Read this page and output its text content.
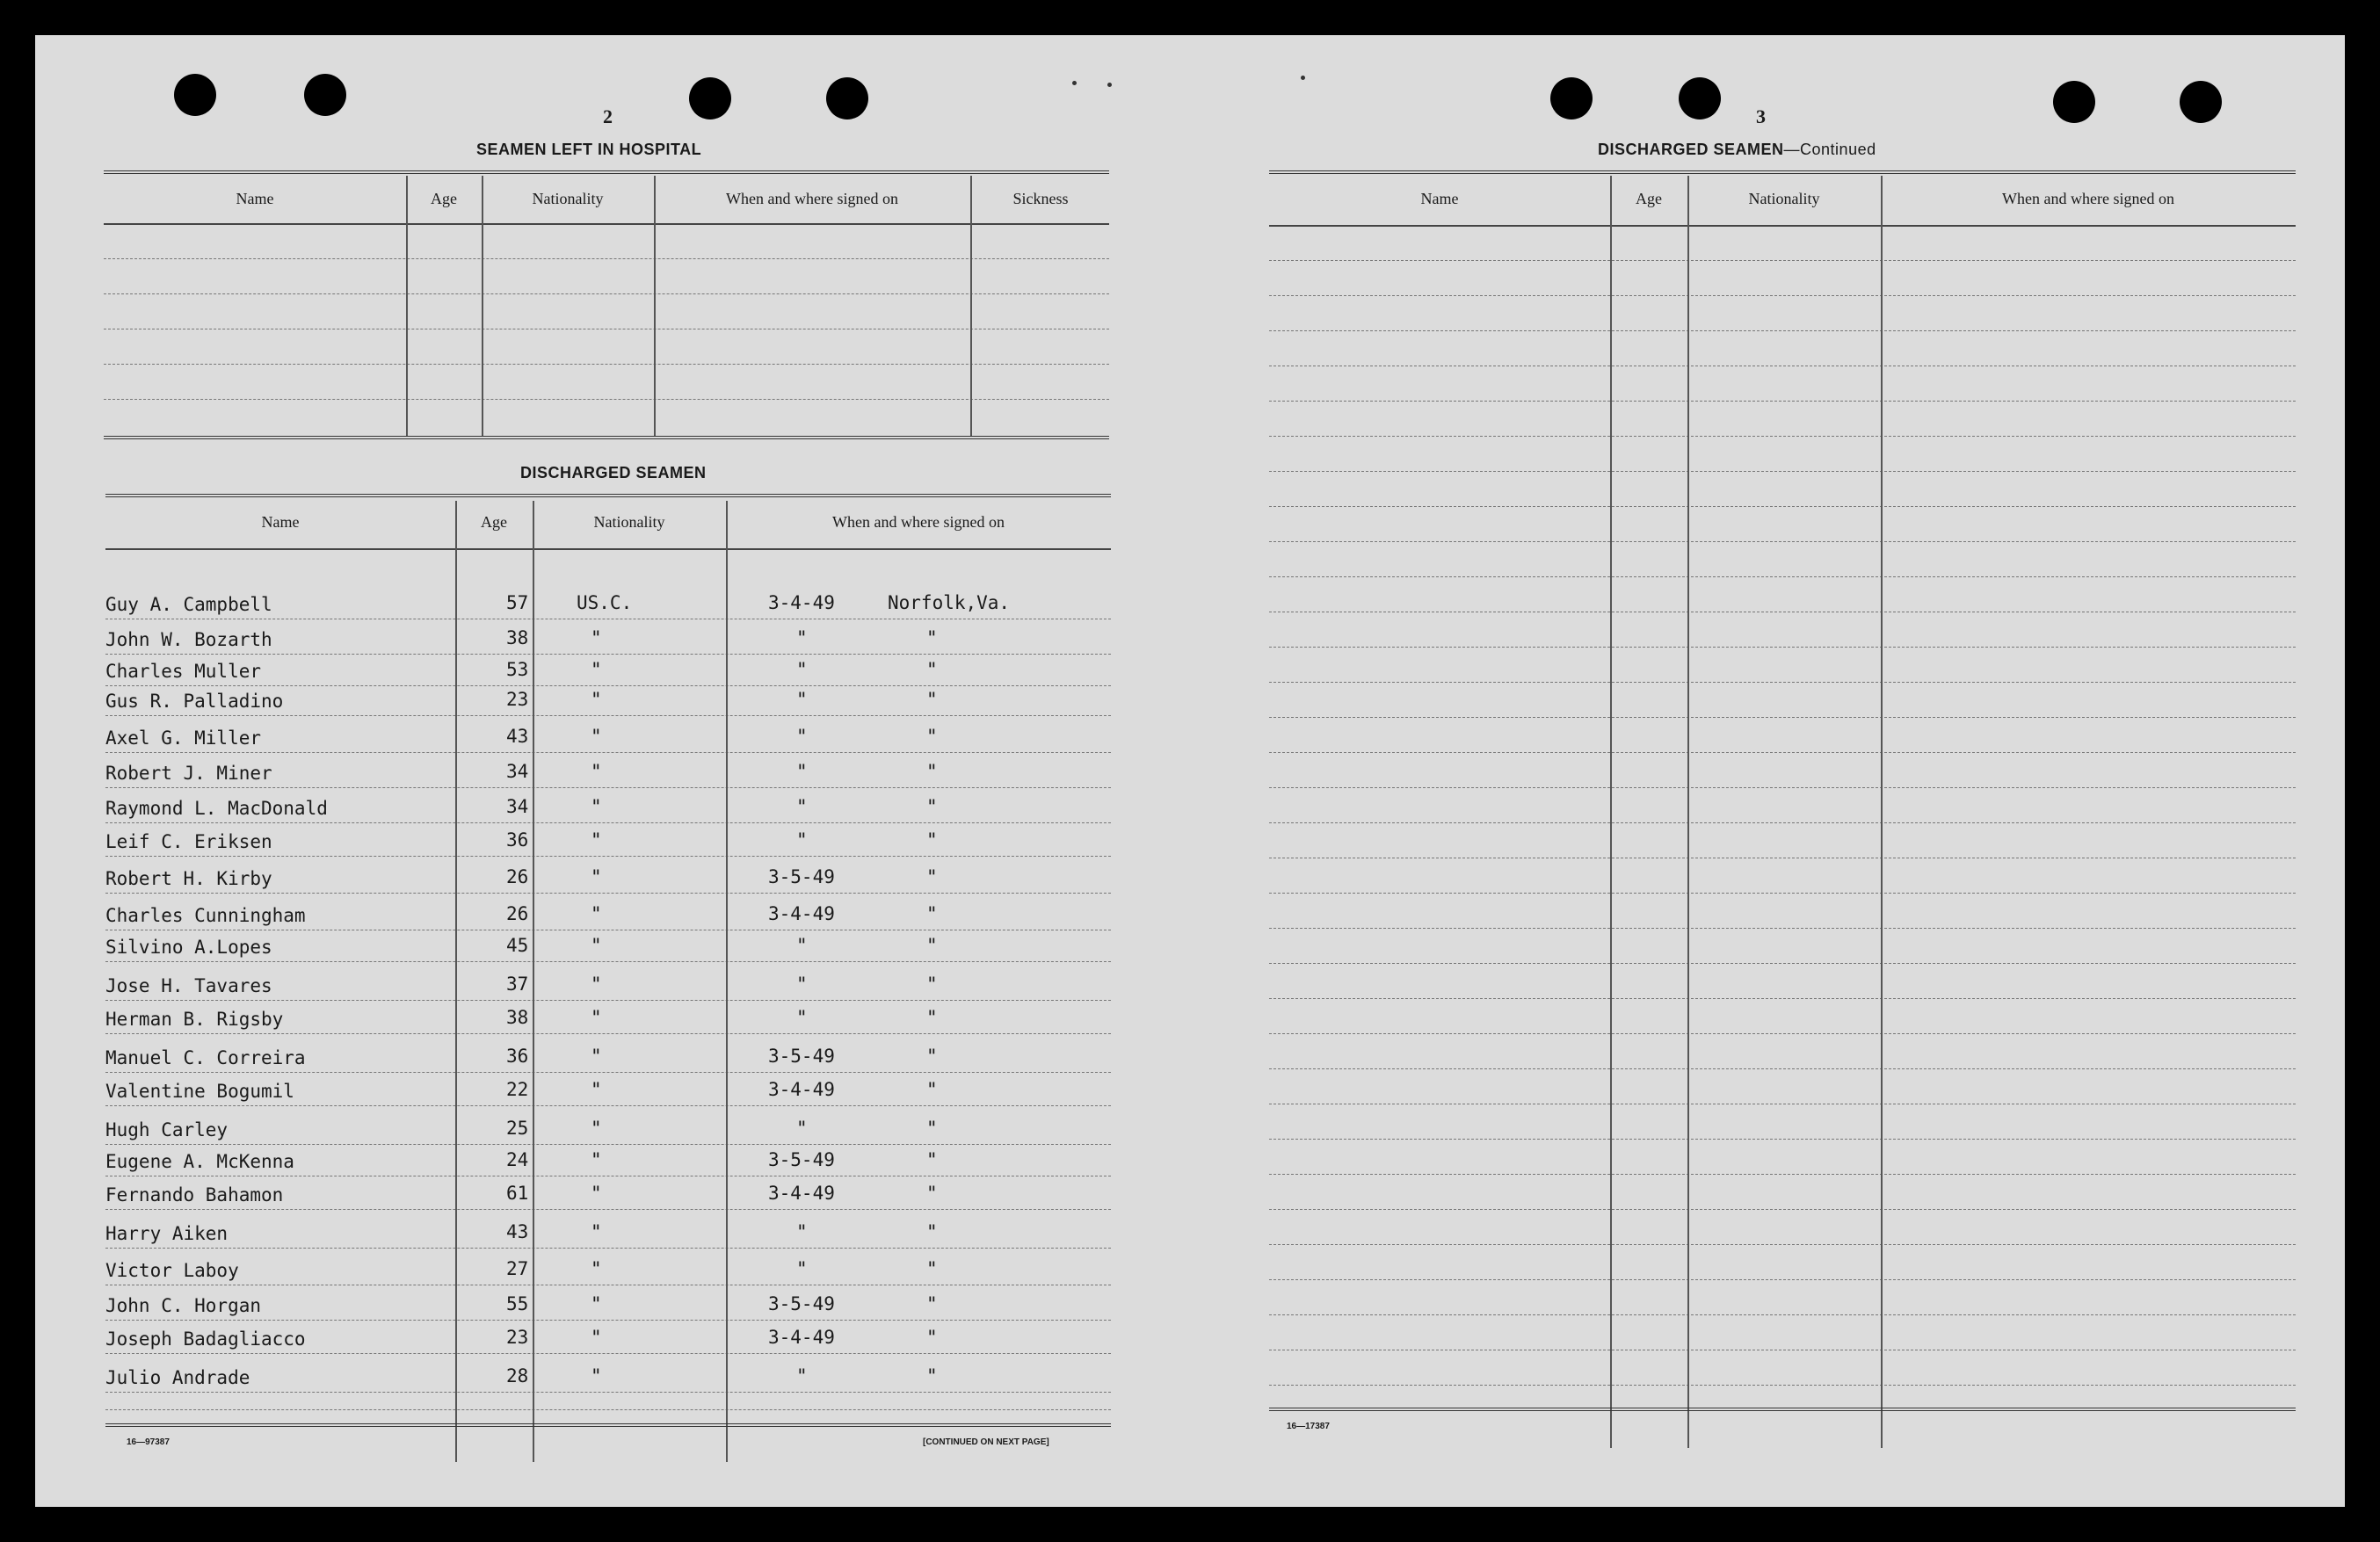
2
SEAMEN LEFT IN HOSPITAL
Name	Age	Nationality	When and where signed on	Sickness
DISCHARGED SEAMEN
Name	Age	Nationality	When and where signed on
Guy A. Campbell	57	US.C.	3-4-49	Norfolk,Va.
John W. Bozarth	38	"	"	"
Charles Muller	53	"	"	"
Gus R. Palladino	23	"	"	"
Axel G. Miller	43	"	"	"
Robert J. Miner	34	"	"	"
Raymond L. MacDonald	34	"	"	"
Leif C. Eriksen	36	"	"	"
Robert H. Kirby	26	"	3-5-49	"
Charles Cunningham	26	"	3-4-49	"
Silvino A.Lopes	45	"	"	"
Jose H. Tavares	37	"	"	"
Herman B. Rigsby	38	"	"	"
Manuel C. Correira	36	"	3-5-49	"
Valentine Bogumil	22	"	3-4-49	"
Hugh Carley	25	"	"	"
Eugene A. McKenna	24	"	3-5-49	"
Fernando Bahamon	61	"	3-4-49	"
Harry Aiken	43	"	"	"
Victor Laboy	27	"	"	"
John C. Horgan	55	"	3-5-49	"
Joseph Badagliacco	23	"	3-4-49	"
Julio Andrade	28	"	"	"
16—97387	[CONTINUED ON NEXT PAGE]
3
DISCHARGED SEAMEN—Continued
Name	Age	Nationality	When and where signed on
16—17387
